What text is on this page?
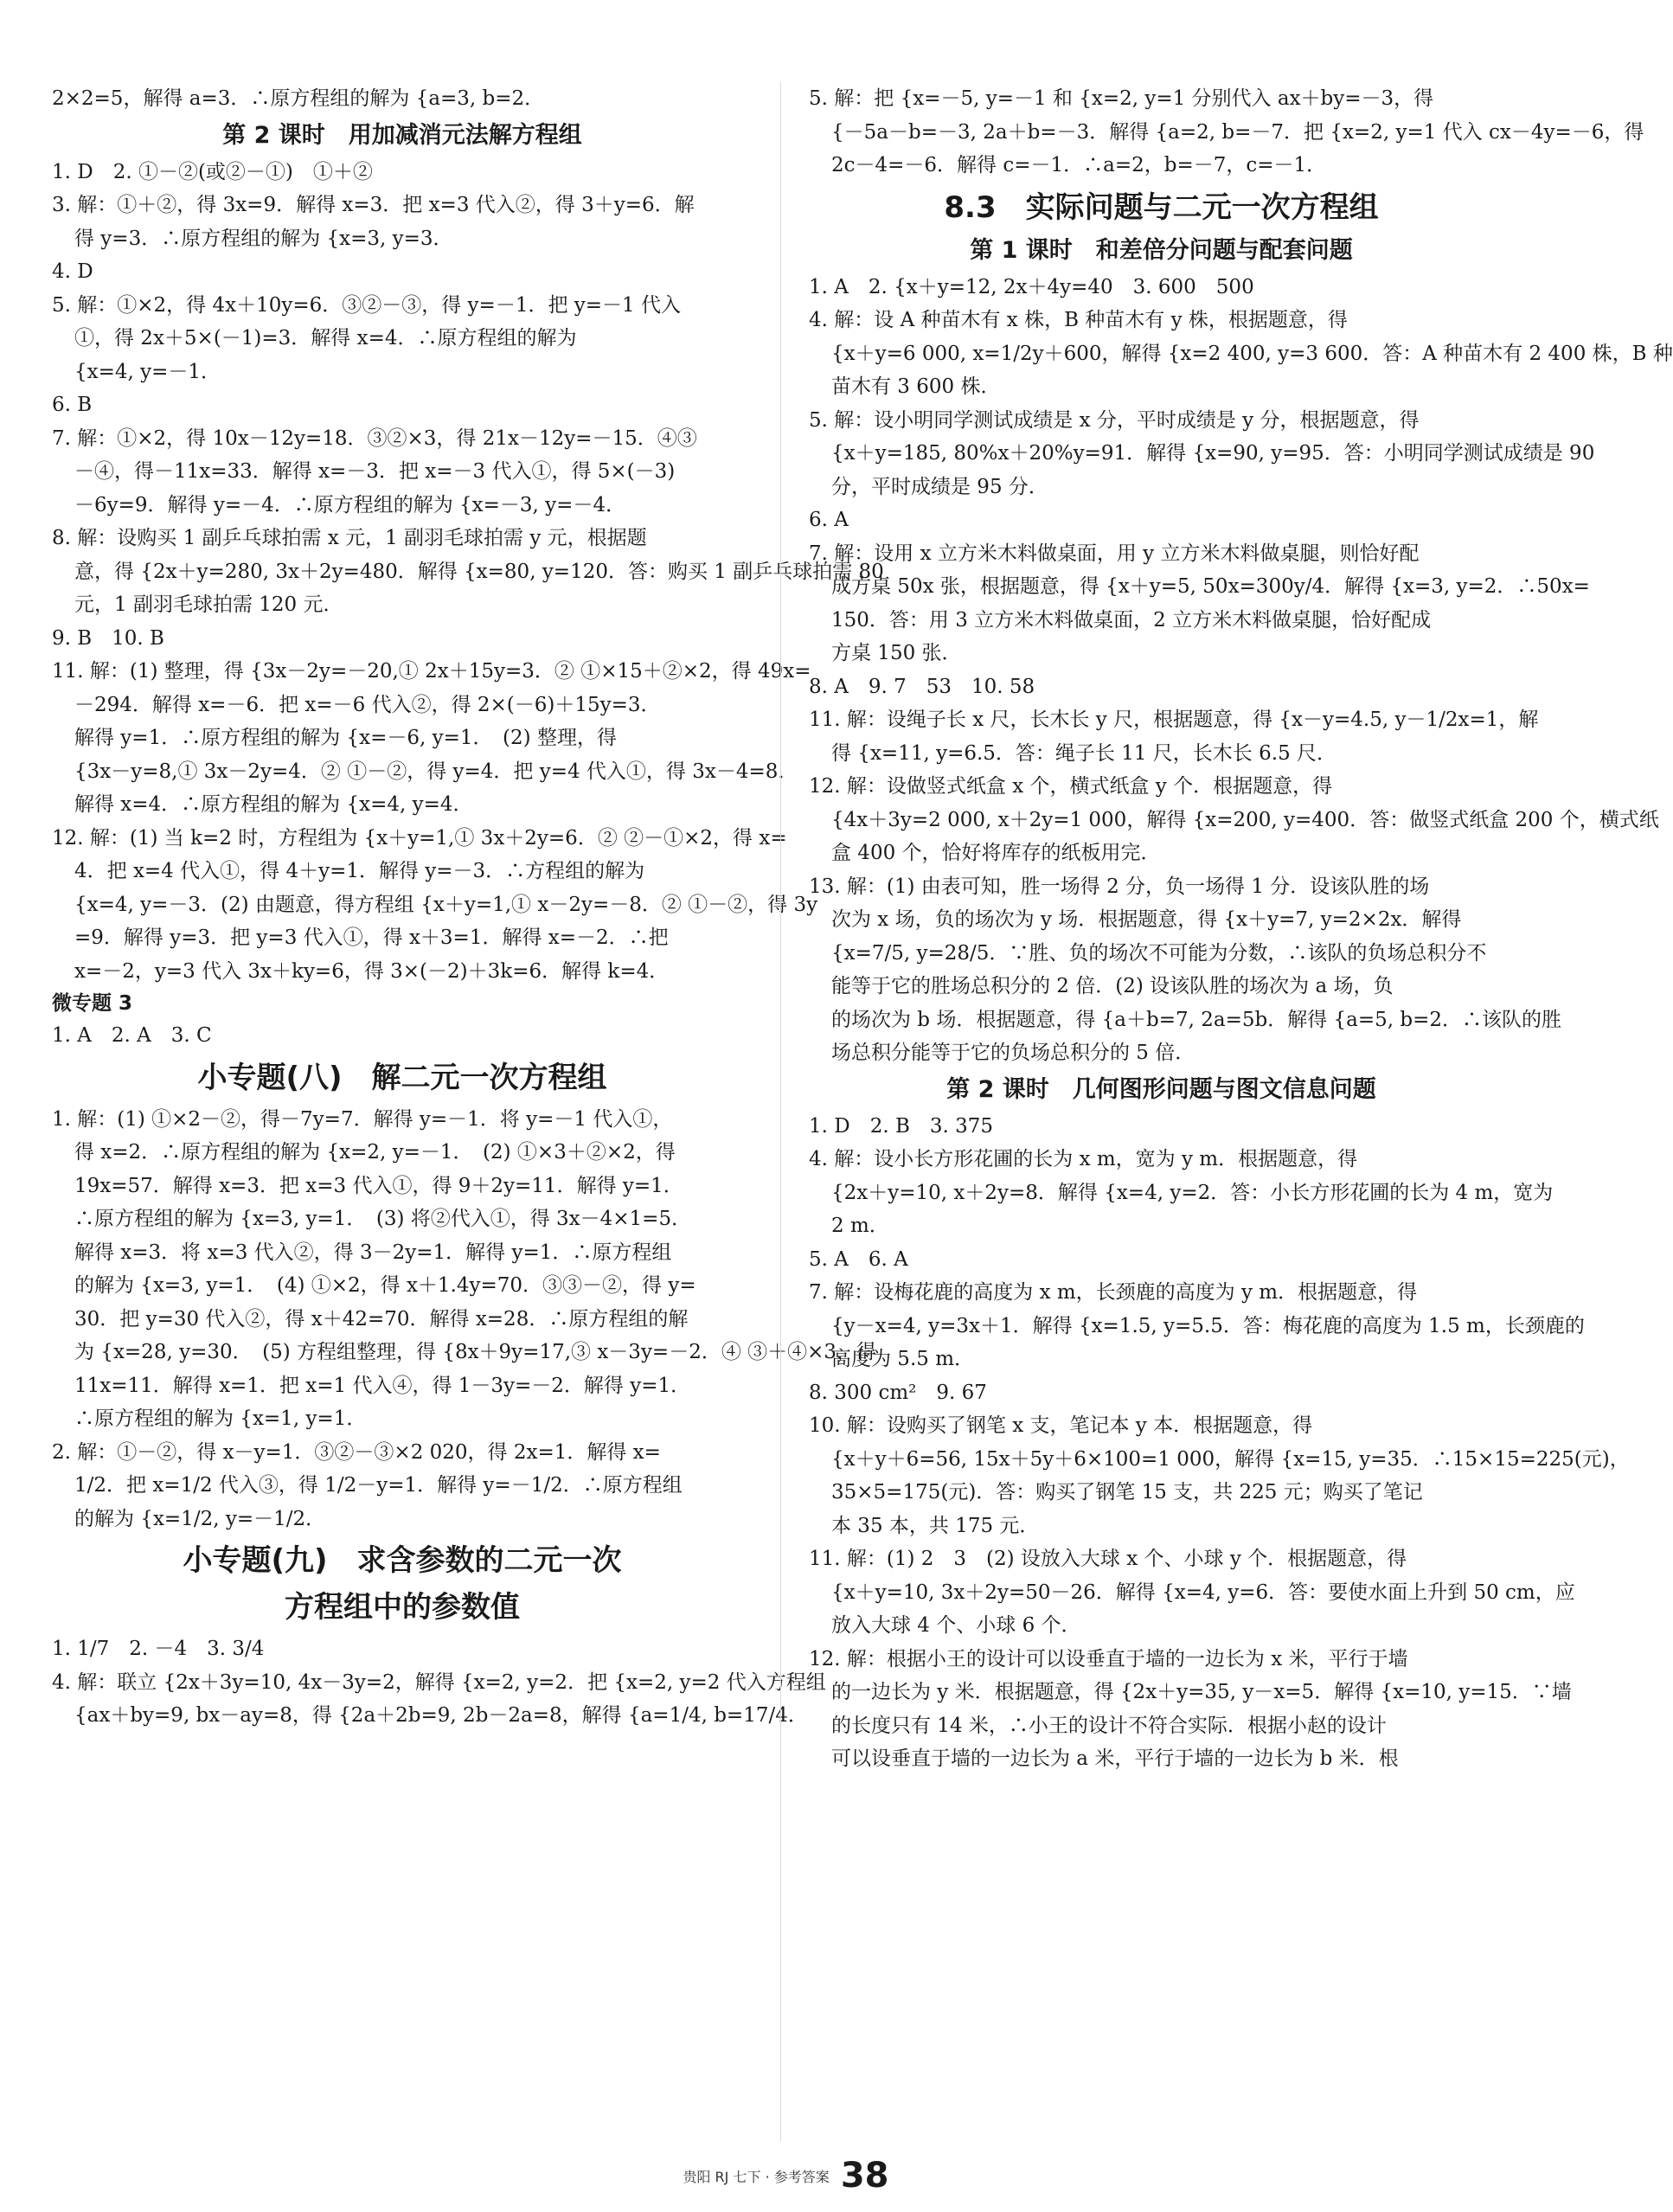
2×2=5，解得 a=3．∴原方程组的解为 {a=3, b=2．
第 2 课时　用加减消元法解方程组
1. D　2. ①－②(或②－①)　①＋②
3. 解：①＋②，得 3x=9．解得 x=3．把 x=3 代入②，得 3＋y=6．解
得 y=3．∴原方程组的解为 {x=3, y=3．
4. D
5. 解：①×2，得 4x＋10y=6．③②－③，得 y=－1．把 y=－1 代入
①，得 2x＋5×(－1)=3．解得 x=4．∴原方程组的解为
{x=4, y=－1．
6. B
7. 解：①×2，得 10x－12y=18．③②×3，得 21x－12y=－15．④③
－④，得－11x=33．解得 x=－3．把 x=－3 代入①，得 5×(－3)
－6y=9．解得 y=－4．∴原方程组的解为 {x=－3, y=－4．
8. 解：设购买 1 副乒乓球拍需 x 元，1 副羽毛球拍需 y 元，根据题
意，得 {2x＋y=280, 3x＋2y=480．解得 {x=80, y=120．答：购买 1 副乒乓球拍需 80
元，1 副羽毛球拍需 120 元．
9. B　10. B
11. 解：(1) 整理，得 {3x－2y=－20,① 2x＋15y=3．② ①×15＋②×2，得 49x=
－294．解得 x=－6．把 x=－6 代入②，得 2×(－6)＋15y=3．
解得 y=1．∴原方程组的解为 {x=－6, y=1．　(2) 整理，得
{3x－y=8,① 3x－2y=4．② ①－②，得 y=4．把 y=4 代入①，得 3x－4=8．
解得 x=4．∴原方程组的解为 {x=4, y=4．
12. 解：(1) 当 k=2 时，方程组为 {x＋y=1,① 3x＋2y=6．② ②－①×2，得 x=
4．把 x=4 代入①，得 4＋y=1．解得 y=－3．∴方程组的解为
{x=4, y=－3．(2) 由题意，得方程组 {x＋y=1,① x－2y=－8．② ①－②，得 3y
=9．解得 y=3．把 y=3 代入①，得 x＋3=1．解得 x=－2．∴把
x=－2，y=3 代入 3x＋ky=6，得 3×(－2)＋3k=6．解得 k=4．
微专题 3
1. A　2. A　3. C
小专题(八)　解二元一次方程组
1. 解：(1) ①×2－②，得－7y=7．解得 y=－1．将 y=－1 代入①，
得 x=2．∴原方程组的解为 {x=2, y=－1．　(2) ①×3＋②×2，得
19x=57．解得 x=3．把 x=3 代入①，得 9＋2y=11．解得 y=1．
∴原方程组的解为 {x=3, y=1．　(3) 将②代入①，得 3x－4×1=5．
解得 x=3．将 x=3 代入②，得 3－2y=1．解得 y=1．∴原方程组
的解为 {x=3, y=1．　(4) ①×2，得 x＋1.4y=70．③③－②，得 y=
30．把 y=30 代入②，得 x＋42=70．解得 x=28．∴原方程组的解
为 {x=28, y=30．　(5) 方程组整理，得 {8x＋9y=17,③ x－3y=－2．④ ③＋④×3，得
11x=11．解得 x=1．把 x=1 代入④，得 1－3y=－2．解得 y=1．
∴原方程组的解为 {x=1, y=1．
2. 解：①－②，得 x－y=1．③②－③×2 020，得 2x=1．解得 x=
1/2．把 x=1/2 代入③，得 1/2－y=1．解得 y=－1/2．∴原方程组
的解为 {x=1/2, y=－1/2．
小专题(九)　求含参数的二元一次
方程组中的参数值
1. 1/7　2. －4　3. 3/4
4. 解：联立 {2x＋3y=10, 4x－3y=2，解得 {x=2, y=2．把 {x=2, y=2 代入方程组
{ax＋by=9, bx－ay=8，得 {2a＋2b=9, 2b－2a=8，解得 {a=1/4, b=17/4．
5. 解：把 {x=－5, y=－1 和 {x=2, y=1 分别代入 ax＋by=－3，得
{－5a－b=－3, 2a＋b=－3．解得 {a=2, b=－7．把 {x=2, y=1 代入 cx－4y=－6，得
2c－4=－6．解得 c=－1．∴a=2，b=－7，c=－1．
8.3　实际问题与二元一次方程组
第 1 课时　和差倍分问题与配套问题
1. A　2. {x＋y=12, 2x＋4y=40　3. 600　500
4. 解：设 A 种苗木有 x 株，B 种苗木有 y 株，根据题意，得
{x＋y=6 000, x=1/2y＋600，解得 {x=2 400, y=3 600．答：A 种苗木有 2 400 株，B 种
苗木有 3 600 株．
5. 解：设小明同学测试成绩是 x 分，平时成绩是 y 分，根据题意，得
{x＋y=185, 80%x＋20%y=91．解得 {x=90, y=95．答：小明同学测试成绩是 90
分，平时成绩是 95 分．
6. A
7. 解：设用 x 立方米木料做桌面，用 y 立方米木料做桌腿，则恰好配
成方桌 50x 张，根据题意，得 {x＋y=5, 50x=300y/4．解得 {x=3, y=2．∴50x=
150．答：用 3 立方米木料做桌面，2 立方米木料做桌腿，恰好配成
方桌 150 张．
8. A　9. 7　53　10. 58
11. 解：设绳子长 x 尺，长木长 y 尺，根据题意，得 {x－y=4.5, y－1/2x=1，解
得 {x=11, y=6.5．答：绳子长 11 尺，长木长 6.5 尺．
12. 解：设做竖式纸盒 x 个，横式纸盒 y 个．根据题意，得
{4x＋3y=2 000, x＋2y=1 000，解得 {x=200, y=400．答：做竖式纸盒 200 个，横式纸
盒 400 个，恰好将库存的纸板用完．
13. 解：(1) 由表可知，胜一场得 2 分，负一场得 1 分．设该队胜的场
次为 x 场，负的场次为 y 场．根据题意，得 {x＋y=7, y=2×2x．解得
{x=7/5, y=28/5．∵胜、负的场次不可能为分数，∴该队的负场总积分不
能等于它的胜场总积分的 2 倍．(2) 设该队胜的场次为 a 场，负
的场次为 b 场．根据题意，得 {a＋b=7, 2a=5b．解得 {a=5, b=2．∴该队的胜
场总积分能等于它的负场总积分的 5 倍．
第 2 课时　几何图形问题与图文信息问题
1. D　2. B　3. 375
4. 解：设小长方形花圃的长为 x m，宽为 y m．根据题意，得
{2x＋y=10, x＋2y=8．解得 {x=4, y=2．答：小长方形花圃的长为 4 m，宽为
2 m．
5. A　6. A
7. 解：设梅花鹿的高度为 x m，长颈鹿的高度为 y m．根据题意，得
{y－x=4, y=3x＋1．解得 {x=1.5, y=5.5．答：梅花鹿的高度为 1.5 m，长颈鹿的
高度为 5.5 m．
8. 300 cm²　9. 67
10. 解：设购买了钢笔 x 支，笔记本 y 本．根据题意，得
{x＋y＋6=56, 15x＋5y＋6×100=1 000，解得 {x=15, y=35．∴15×15=225(元)，
35×5=175(元)．答：购买了钢笔 15 支，共 225 元；购买了笔记
本 35 本，共 175 元．
11. 解：(1) 2　3　(2) 设放入大球 x 个、小球 y 个．根据题意，得
{x＋y=10, 3x＋2y=50－26．解得 {x=4, y=6．答：要使水面上升到 50 cm，应
放入大球 4 个、小球 6 个．
12. 解：根据小王的设计可以设垂直于墙的一边长为 x 米，平行于墙
的一边长为 y 米．根据题意，得 {2x＋y=35, y－x=5．解得 {x=10, y=15．∵墙
的长度只有 14 米，∴小王的设计不符合实际．根据小赵的设计
可以设垂直于墙的一边长为 a 米，平行于墙的一边长为 b 米．根
贵阳 RJ 七下 · 参考答案 38
